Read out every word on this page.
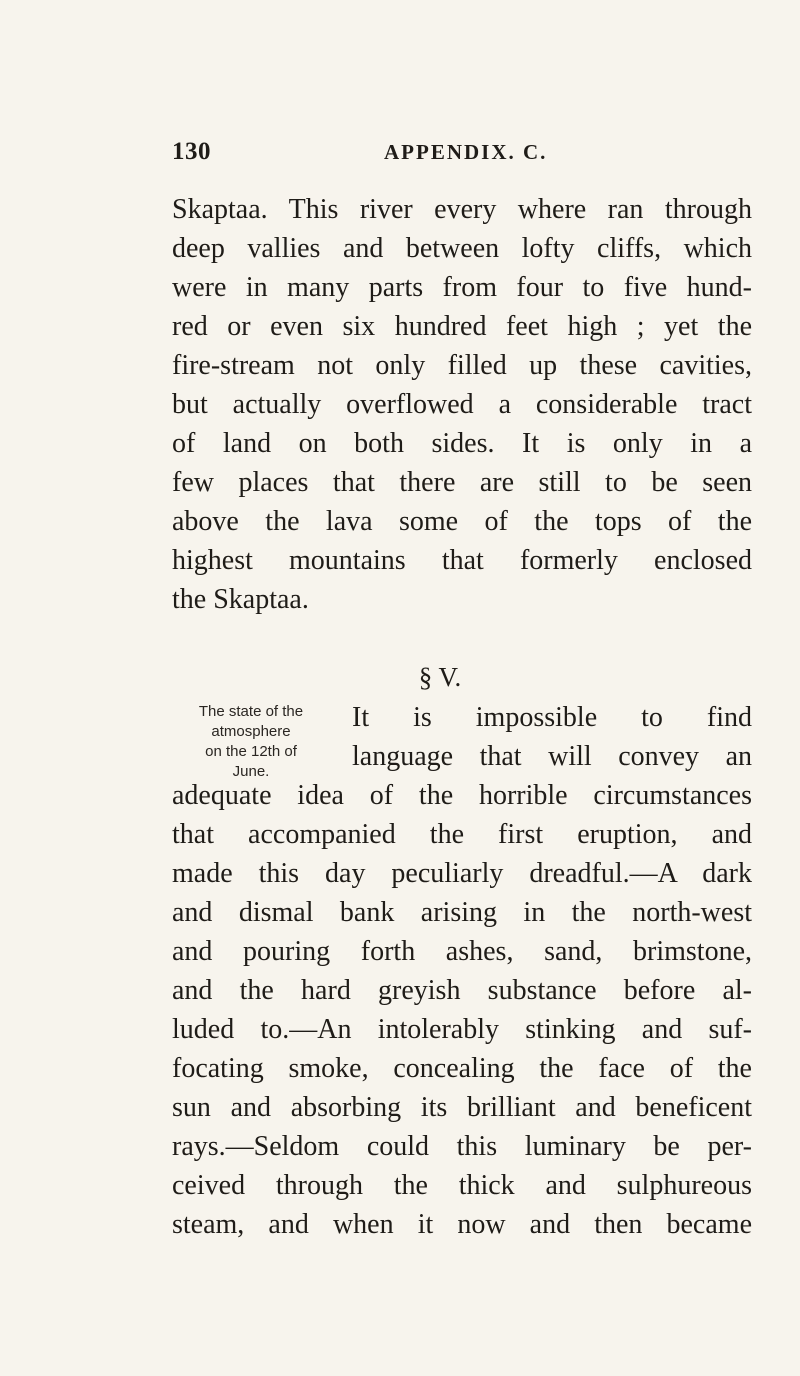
130	APPENDIX. C.
Skaptaa. This river every where ran through
deep vallies and between lofty cliffs, which
were in many parts from four to five hund-
red or even six hundred feet high ; yet the
fire-stream not only filled up these cavities,
but actually overflowed a considerable tract
of land on both sides. It is only in a
few places that there are still to be seen
above the lava some of the tops of the
highest mountains that formerly enclosed
the Skaptaa.
§ V.
The state of the
atmosphere
on the 12th of
June.
It is impossible to find
language that will convey an
adequate idea of the horrible circumstances
that accompanied the first eruption, and
made this day peculiarly dreadful.—A dark
and dismal bank arising in the north-west
and pouring forth ashes, sand, brimstone,
and the hard greyish substance before al-
luded to.—An intolerably stinking and suf-
focating smoke, concealing the face of the
sun and absorbing its brilliant and beneficent
rays.—Seldom could this luminary be per-
ceived through the thick and sulphureous
steam, and when it now and then became
